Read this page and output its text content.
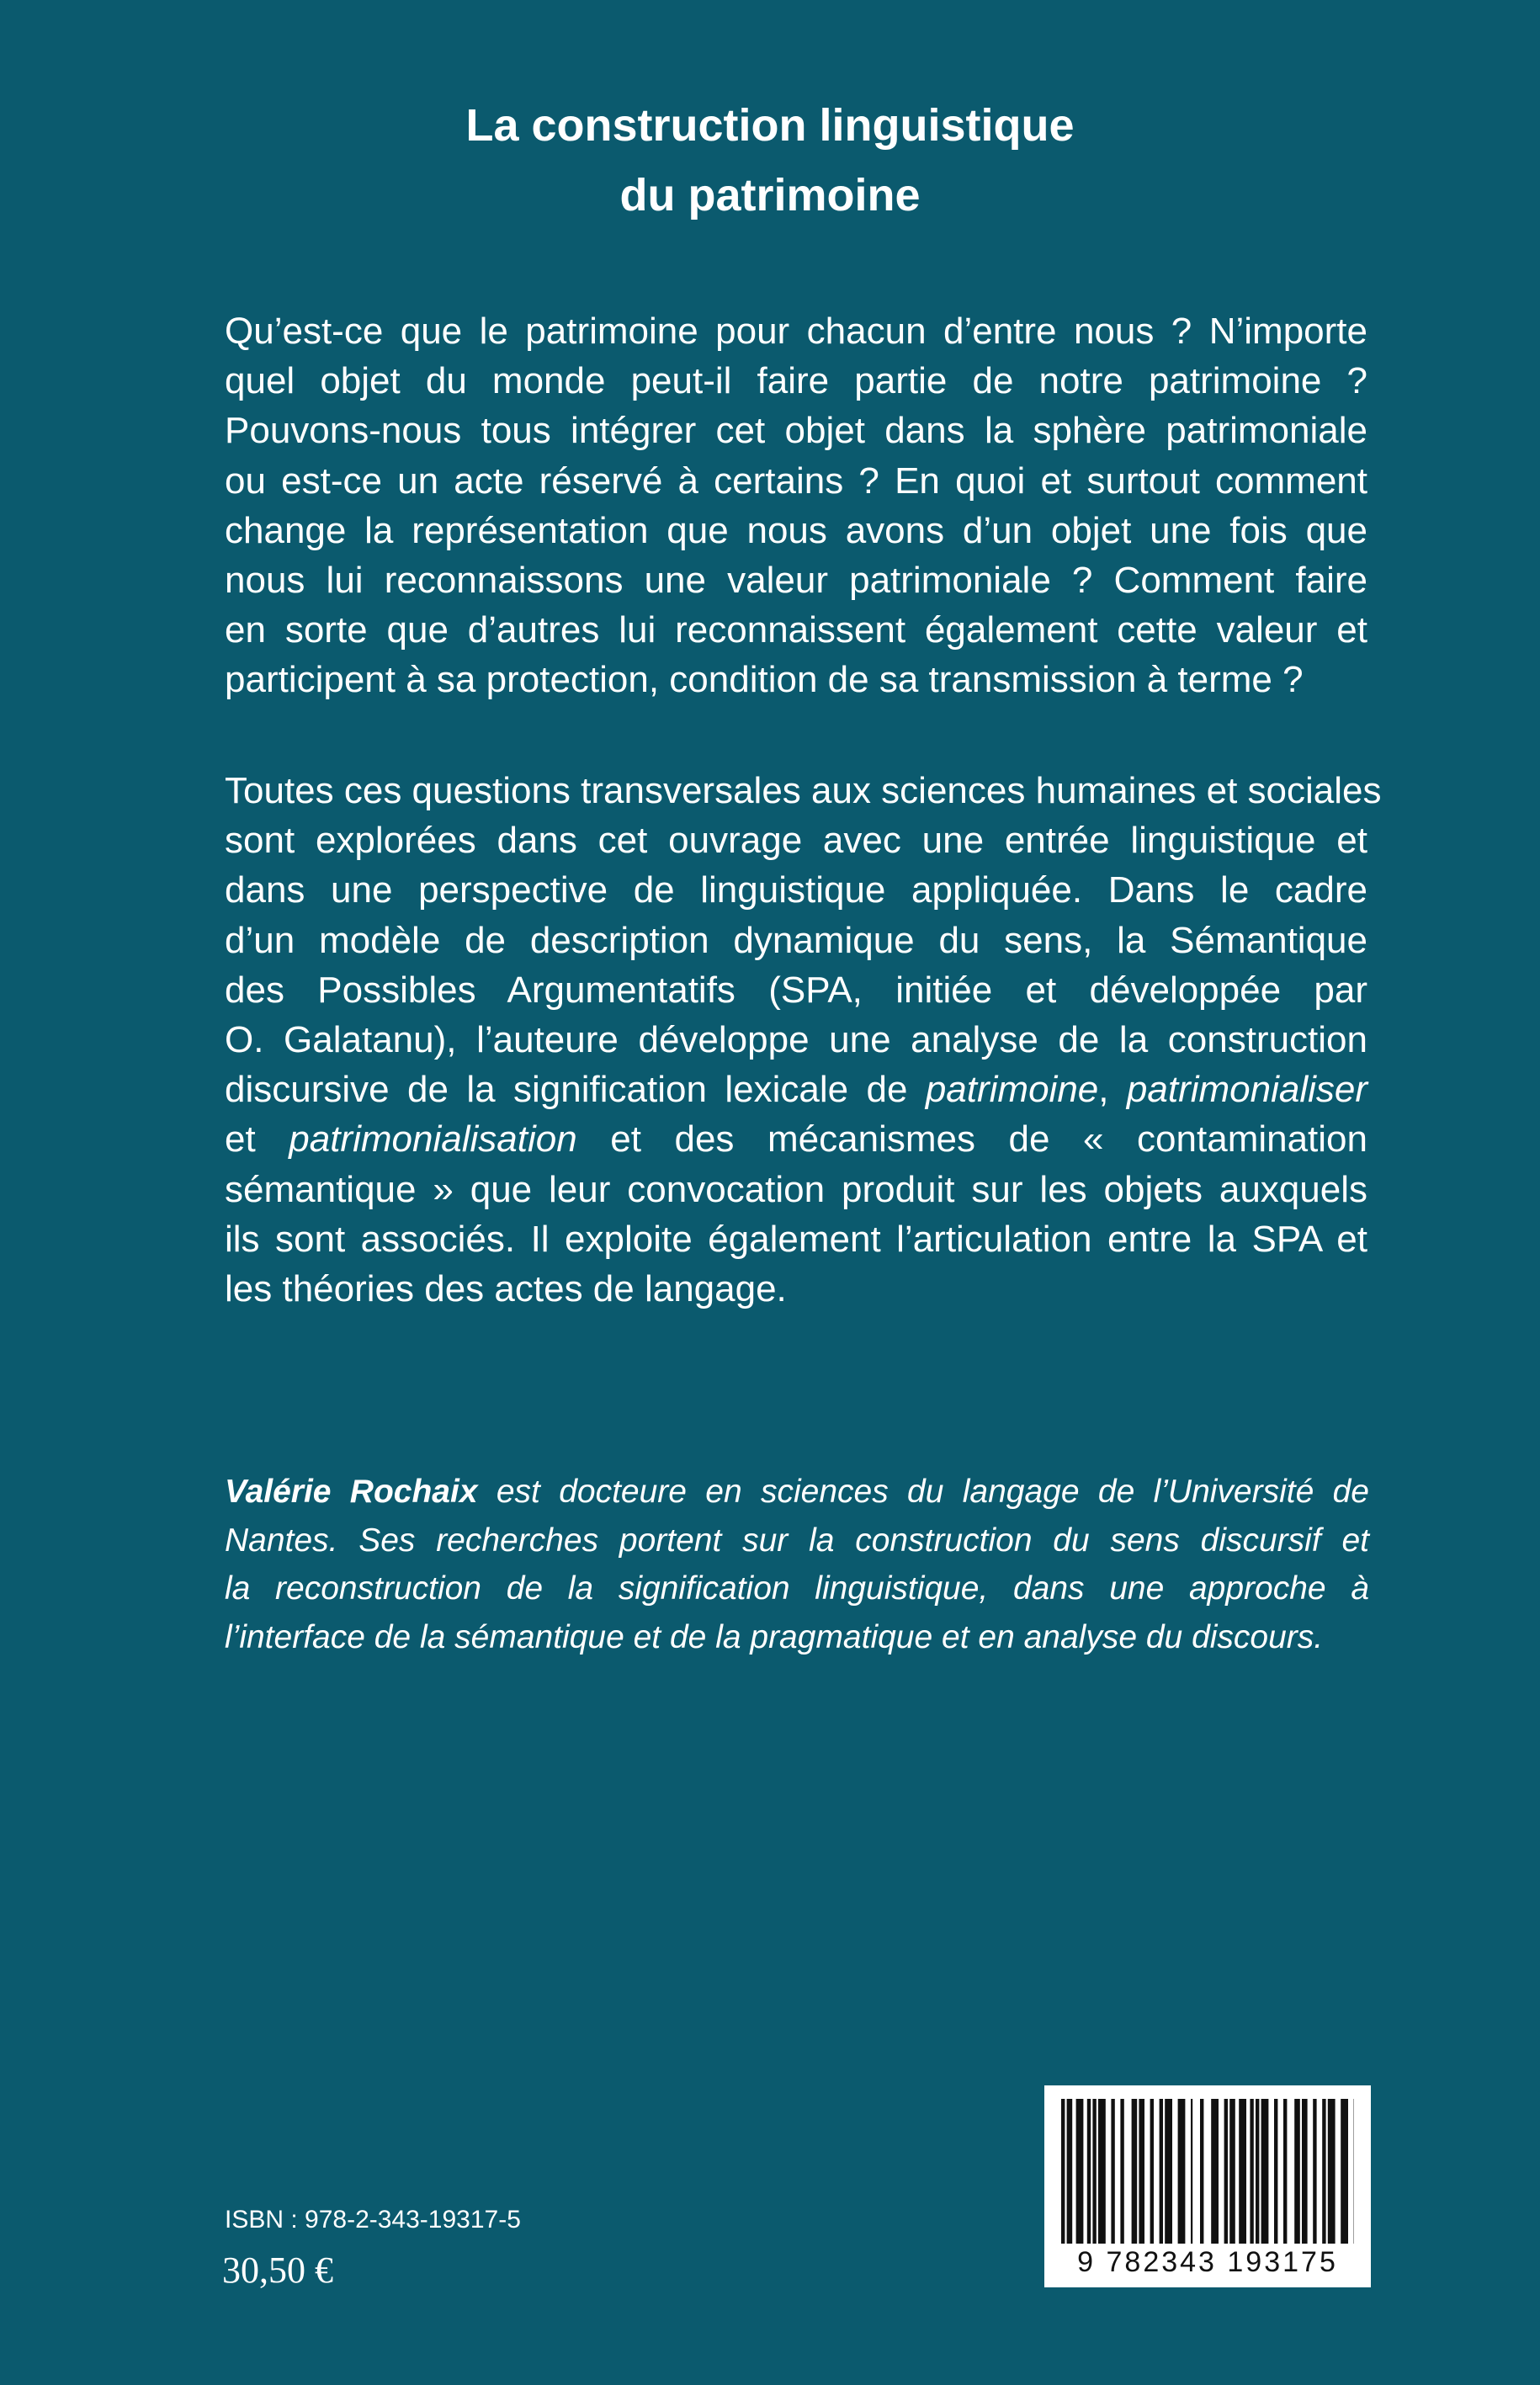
La construction linguistique
du patrimoine

Qu’est-ce que le patrimoine pour chacun d’entre nous ? N’importe
quel objet du monde peut-il faire partie de notre patrimoine ?
Pouvons-nous tous intégrer cet objet dans la sphère patrimoniale
ou est-ce un acte réservé à certains ? En quoi et surtout comment
change la représentation que nous avons d’un objet une fois que
nous lui reconnaissons une valeur patrimoniale ? Comment faire
en sorte que d’autres lui reconnaissent également cette valeur et
participent à sa protection, condition de sa transmission à terme ?

Toutes ces questions transversales aux sciences humaines et sociales
sont explorées dans cet ouvrage avec une entrée linguistique et
dans une perspective de linguistique appliquée. Dans le cadre
d’un modèle de description dynamique du sens, la Sémantique
des Possibles Argumentatifs (SPA, initiée et développée par
O. Galatanu), l’auteure développe une analyse de la construction
discursive de la signification lexicale de patrimoine, patrimonialiser
et patrimonialisation et des mécanismes de « contamination
sémantique » que leur convocation produit sur les objets auxquels
ils sont associés. Il exploite également l’articulation entre la SPA et
les théories des actes de langage.

Valérie Rochaix est docteure en sciences du langage de l’Université de
Nantes. Ses recherches portent sur la construction du sens discursif et
la reconstruction de la signification linguistique, dans une approche à
l’interface de la sémantique et de la pragmatique et en analyse du discours.

9 782343 193175
ISBN : 978-2-343-19317-5
30,50 €
